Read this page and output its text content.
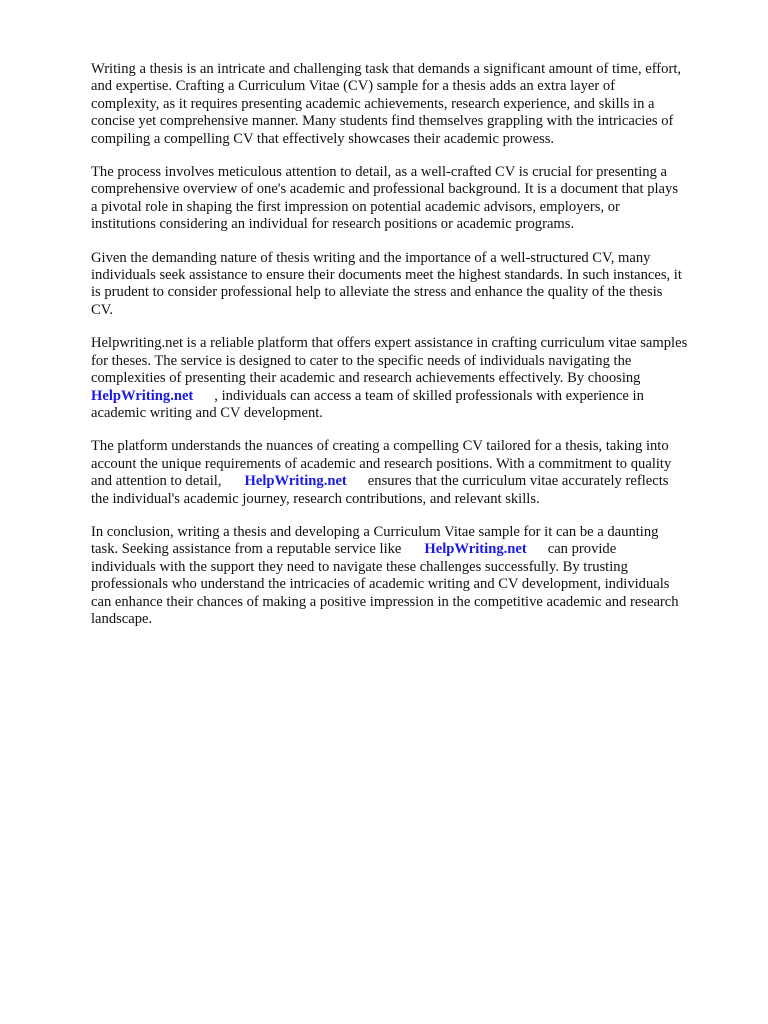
Writing a thesis is an intricate and challenging task that demands a significant amount of time, effort,
and expertise. Crafting a Curriculum Vitae (CV) sample for a thesis adds an extra layer of
complexity, as it requires presenting academic achievements, research experience, and skills in a
concise yet comprehensive manner. Many students find themselves grappling with the intricacies of
compiling a compelling CV that effectively showcases their academic prowess.

The process involves meticulous attention to detail, as a well-crafted CV is crucial for presenting a
comprehensive overview of one's academic and professional background. It is a document that plays
a pivotal role in shaping the first impression on potential academic advisors, employers, or
institutions considering an individual for research positions or academic programs.

Given the demanding nature of thesis writing and the importance of a well-structured CV, many
individuals seek assistance to ensure their documents meet the highest standards. In such instances, it
is prudent to consider professional help to alleviate the stress and enhance the quality of the thesis
CV.

Helpwriting.net is a reliable platform that offers expert assistance in crafting curriculum vitae samples
for theses. The service is designed to cater to the specific needs of individuals navigating the
complexities of presenting their academic and research achievements effectively. By choosing
HelpWriting.net , individuals can access a team of skilled professionals with experience in
academic writing and CV development.

The platform understands the nuances of creating a compelling CV tailored for a thesis, taking into
account the unique requirements of academic and research positions. With a commitment to quality
and attention to detail, HelpWriting.net ensures that the curriculum vitae accurately reflects
the individual's academic journey, research contributions, and relevant skills.

In conclusion, writing a thesis and developing a Curriculum Vitae sample for it can be a daunting
task. Seeking assistance from a reputable service like HelpWriting.net can provide
individuals with the support they need to navigate these challenges successfully. By trusting
professionals who understand the intricacies of academic writing and CV development, individuals
can enhance their chances of making a positive impression in the competitive academic and research
landscape.
